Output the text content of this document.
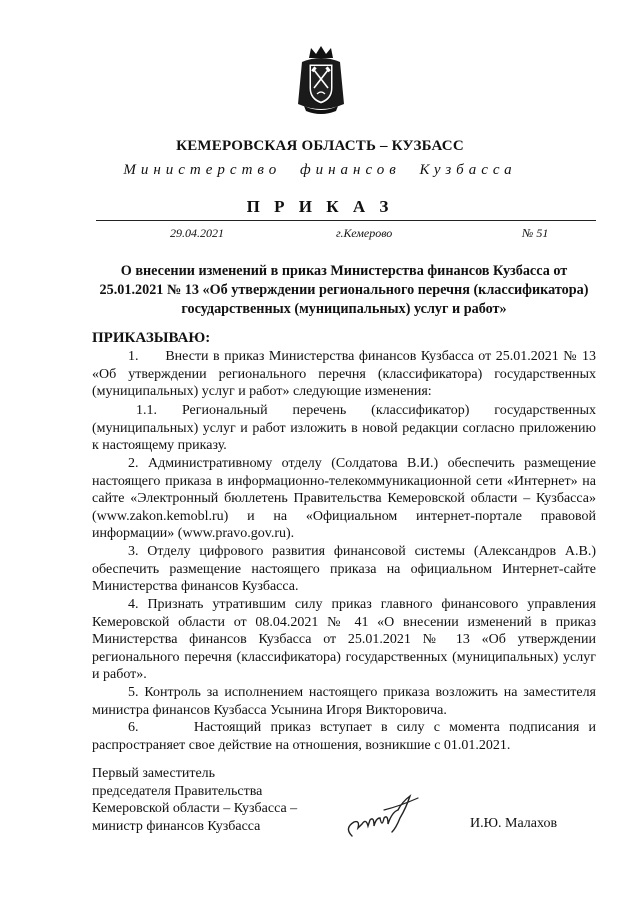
КЕМЕРОВСКАЯ ОБЛАСТЬ – КУЗБАСС
Министерство финансов Кузбасса
П Р И К А З
29.04.2021	г.Кемерово	№ 51
О внесении изменений в приказ Министерства финансов Кузбасса от 25.01.2021 № 13 «Об утверждении регионального перечня (классификатора) государственных (муниципальных) услуг и работ»
ПРИКАЗЫВАЮ:
1.      Внести в приказ Министерства финансов Кузбасса от 25.01.2021 № 13 «Об утверждении регионального перечня (классификатора) государственных (муниципальных) услуг и работ» следующие изменения:
1.1. Региональный перечень (классификатор) государственных (муниципальных) услуг и работ изложить в новой редакции согласно приложению к настоящему приказу.
2. Административному отделу (Солдатова В.И.) обеспечить размещение настоящего приказа в информационно-телекоммуникационной сети «Интернет» на сайте «Электронный бюллетень Правительства Кемеровской области – Кузбасса» (www.zakon.kemobl.ru) и на «Официальном интернет-портале правовой информации» (www.pravo.gov.ru).
3. Отделу цифрового развития финансовой системы (Александров А.В.) обеспечить размещение настоящего приказа на официальном Интернет-сайте Министерства финансов Кузбасса.
4. Признать утратившим силу приказ главного финансового управления Кемеровской области от 08.04.2021 № 41 «О внесении изменений в приказ Министерства финансов Кузбасса от 25.01.2021 № 13 «Об утверждении регионального перечня (классификатора) государственных (муниципальных) услуг и работ».
5. Контроль за исполнением настоящего приказа возложить на заместителя министра финансов Кузбасса Усынина Игоря Викторовича.
6.      Настоящий приказ вступает в силу с момента подписания и распространяет свое действие на отношения, возникшие с 01.01.2021.
Первый заместитель
председателя Правительства
Кемеровской области – Кузбасса –
министр финансов Кузбасса	И.Ю. Малахов
